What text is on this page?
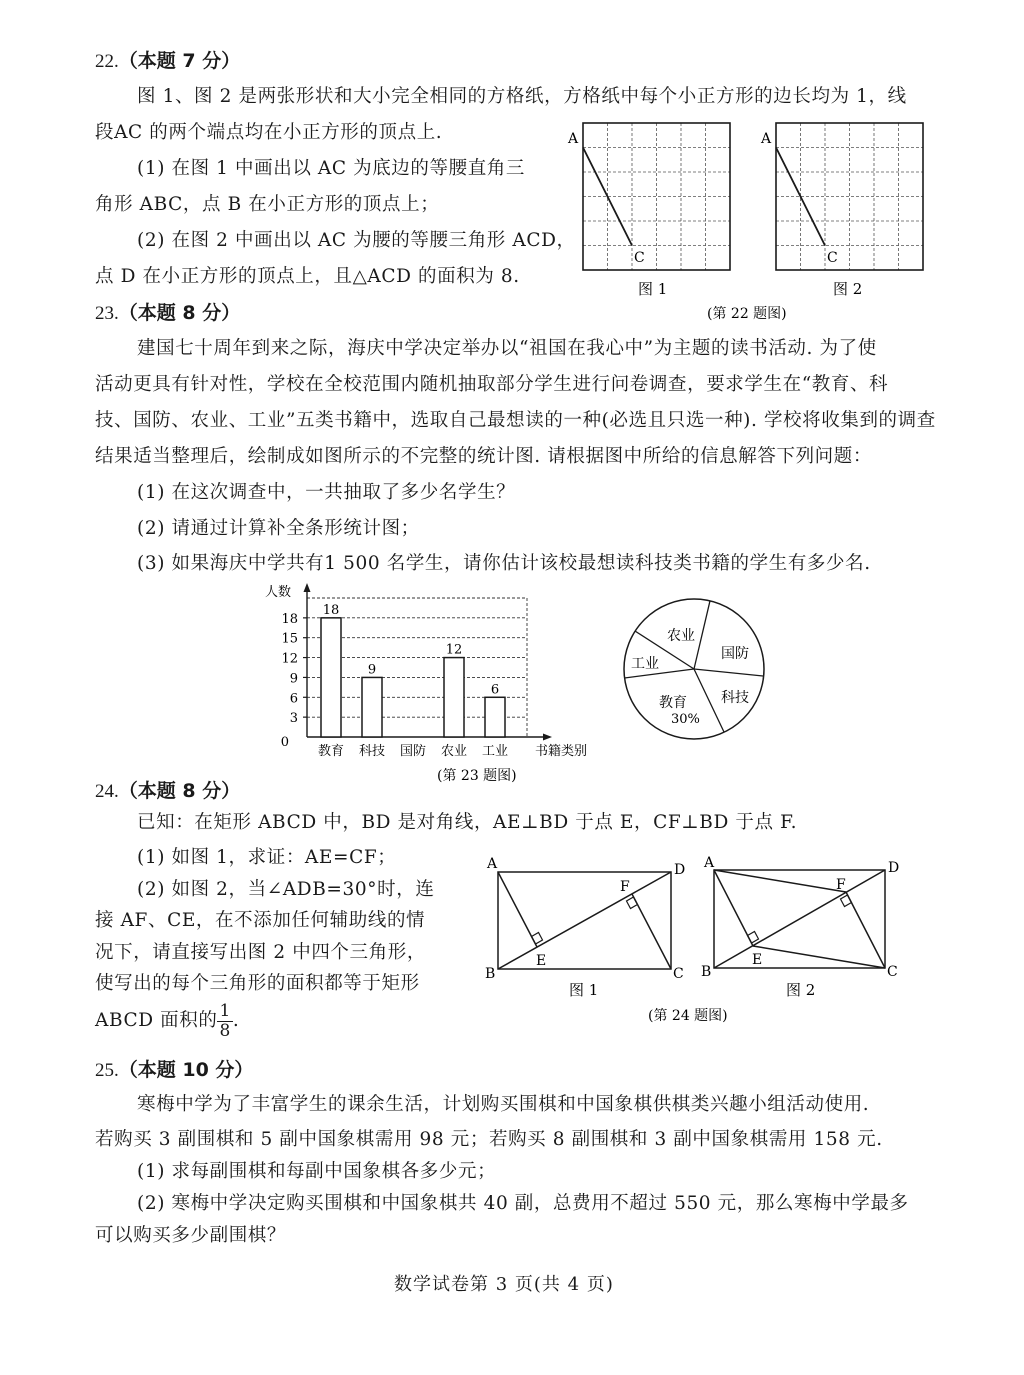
22.（本题 7 分）
图 1、图 2 是两张形状和大小完全相同的方格纸，方格纸中每个小正方形的边长均为 1，线
段AC 的两个端点均在小正方形的顶点上.
(1) 在图 1 中画出以 AC 为底边的等腰直角三
角形 ABC，点 B 在小正方形的顶点上；
(2) 在图 2 中画出以 AC 为腰的等腰三角形 ACD，
点 D 在小正方形的顶点上，且△ACD 的面积为 8.
A
C
图 1
A
C
图 2
(第 22 题图)
23.（本题 8 分）
建国七十周年到来之际，海庆中学决定举办以“祖国在我心中”为主题的读书活动. 为了使
活动更具有针对性，学校在全校范围内随机抽取部分学生进行问卷调查，要求学生在“教育、科
技、国防、农业、工业”五类书籍中，选取自己最想读的一种(必选且只选一种). 学校将收集到的调查
结果适当整理后，绘制成如图所示的不完整的统计图. 请根据图中所给的信息解答下列问题：
(1) 在这次调查中，一共抽取了多少名学生？
(2) 请通过计算补全条形统计图；
(3) 如果海庆中学共有1 500 名学生，请你估计该校最想读科技类书籍的学生有多少名.
0
3
6
9
12
15
18
人数
18
教育
9
科技 国防
12
农业
6
工业 书籍类别
(第 23 题图)
农业
国防
工业
教育
30%
科技
24.（本题 8 分）
已知：在矩形 ABCD 中，BD 是对角线，AE⊥BD 于点 E，CF⊥BD 于点 F.
(1) 如图 1，求证：AE=CF；
(2) 如图 2，当∠ADB=30°时，连
接 AF、CE，在不添加任何辅助线的情
况下，请直接写出图 2 中四个三角形，
使写出的每个三角形的面积都等于矩形
ABCD 面积的 $\frac{1}{8}$ .
A	D
B	C
E
F
图 1
A	D
B	C
E
F
图 2
(第 24 题图)
25.（本题 10 分）
寒梅中学为了丰富学生的课余生活，计划购买围棋和中国象棋供棋类兴趣小组活动使用.
若购买 3 副围棋和 5 副中国象棋需用 98 元；若购买 8 副围棋和 3 副中国象棋需用 158 元.
(1) 求每副围棋和每副中国象棋各多少元；
(2) 寒梅中学决定购买围棋和中国象棋共 40 副，总费用不超过 550 元，那么寒梅中学最多
可以购买多少副围棋？
数学试卷第 3 页(共 4 页)
